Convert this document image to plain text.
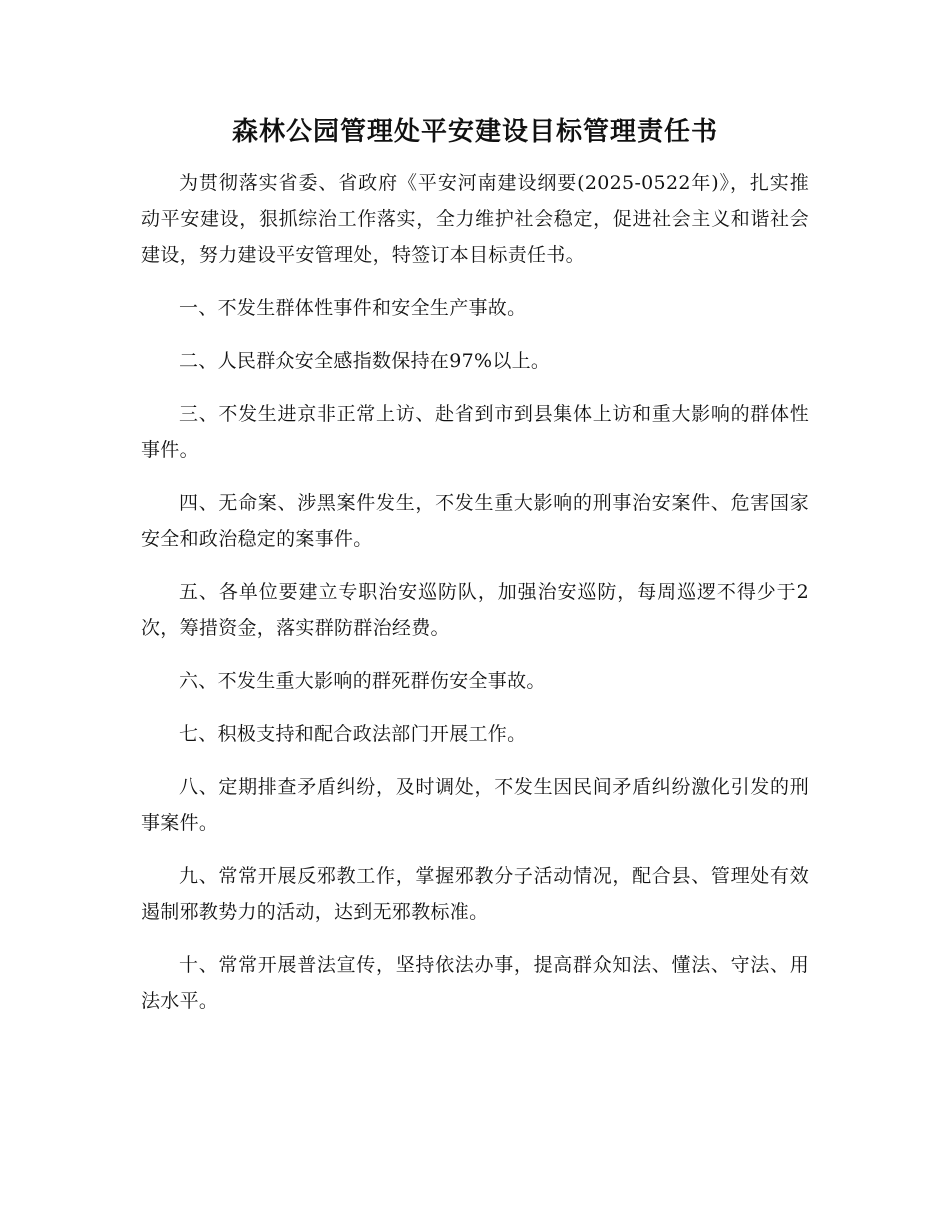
森林公园管理处平安建设目标管理责任书

为贯彻落实省委、省政府《平安河南建设纲要(2025-0522年)》，扎实推动平安建设，狠抓综治工作落实，全力维护社会稳定，促进社会主义和谐社会建设，努力建设平安管理处，特签订本目标责任书。

一、不发生群体性事件和安全生产事故。

二、人民群众安全感指数保持在97%以上。

三、不发生进京非正常上访、赴省到市到县集体上访和重大影响的群体性事件。

四、无命案、涉黑案件发生，不发生重大影响的刑事治安案件、危害国家安全和政治稳定的案事件。

五、各单位要建立专职治安巡防队，加强治安巡防，每周巡逻不得少于2次，筹措资金，落实群防群治经费。

六、不发生重大影响的群死群伤安全事故。

七、积极支持和配合政法部门开展工作。

八、定期排查矛盾纠纷，及时调处，不发生因民间矛盾纠纷激化引发的刑事案件。

九、常常开展反邪教工作，掌握邪教分子活动情况，配合县、管理处有效遏制邪教势力的活动，达到无邪教标准。

十、常常开展普法宣传，坚持依法办事，提高群众知法、懂法、守法、用法水平。
